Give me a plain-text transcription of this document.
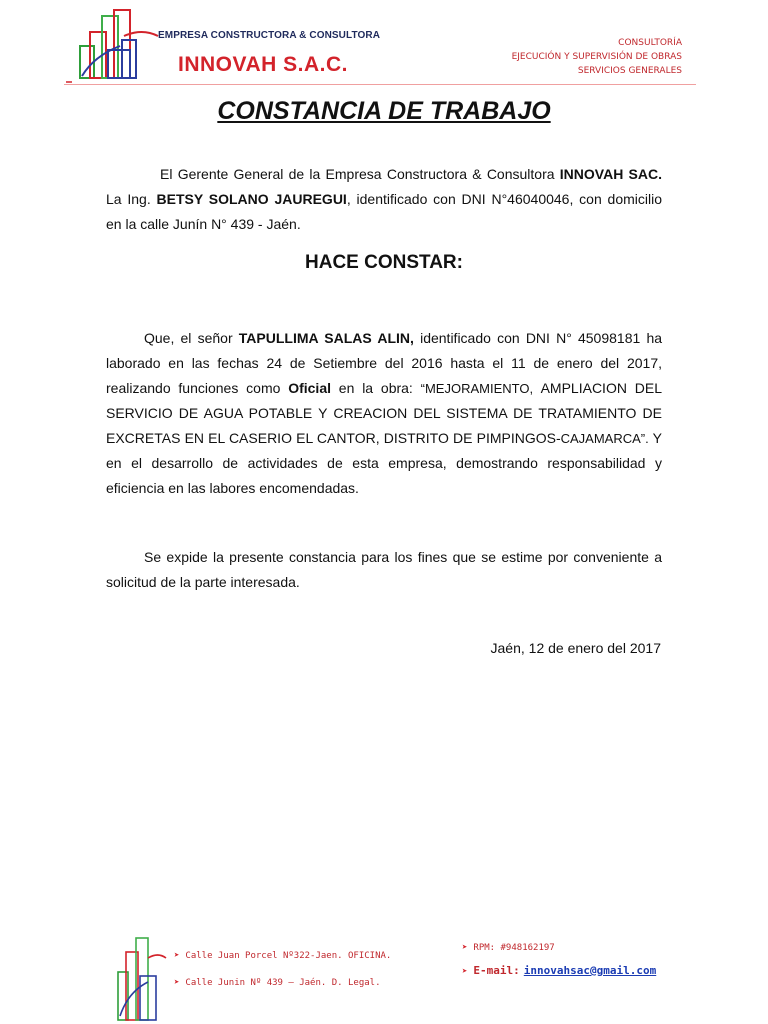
EMPRESA CONSTRUCTORA & CONSULTORA
INNOVAH S.A.C.
CONSULTORÍA
EJECUCIÓN Y SUPERVISIÓN DE OBRAS
SERVICIOS GENERALES
CONSTANCIA DE TRABAJO
El Gerente General de la Empresa Constructora & Consultora INNOVAH SAC. La Ing. BETSY SOLANO JAUREGUI, identificado con DNI N°46040046, con domicilio en la calle Junín N° 439 - Jaén.
HACE CONSTAR:
Que, el señor TAPULLIMA SALAS ALIN, identificado con DNI N° 45098181 ha laborado en las fechas 24 de Setiembre del 2016 hasta el 11 de enero del 2017, realizando funciones como Oficial en la obra: “MEJORAMIENTO, AMPLIACION DEL SERVICIO DE AGUA POTABLE Y CREACION DEL SISTEMA DE TRATAMIENTO DE EXCRETAS EN EL CASERIO EL CANTOR, DISTRITO DE PIMPINGOS-CAJAMARCA”. Y en el desarrollo de actividades de esta empresa, demostrando responsabilidad y eficiencia en las labores encomendadas.
Se expide la presente constancia para los fines que se estime por conveniente a solicitud de la parte interesada.
Jaén, 12 de enero del 2017
➤ Calle Juan Porcel Nº322-Jaen. OFICINA.
➤ Calle Junin Nº 439 – Jaén. D. Legal.
➤ RPM: #948162197
➤ E-mail: innovahsac@gmail.com
